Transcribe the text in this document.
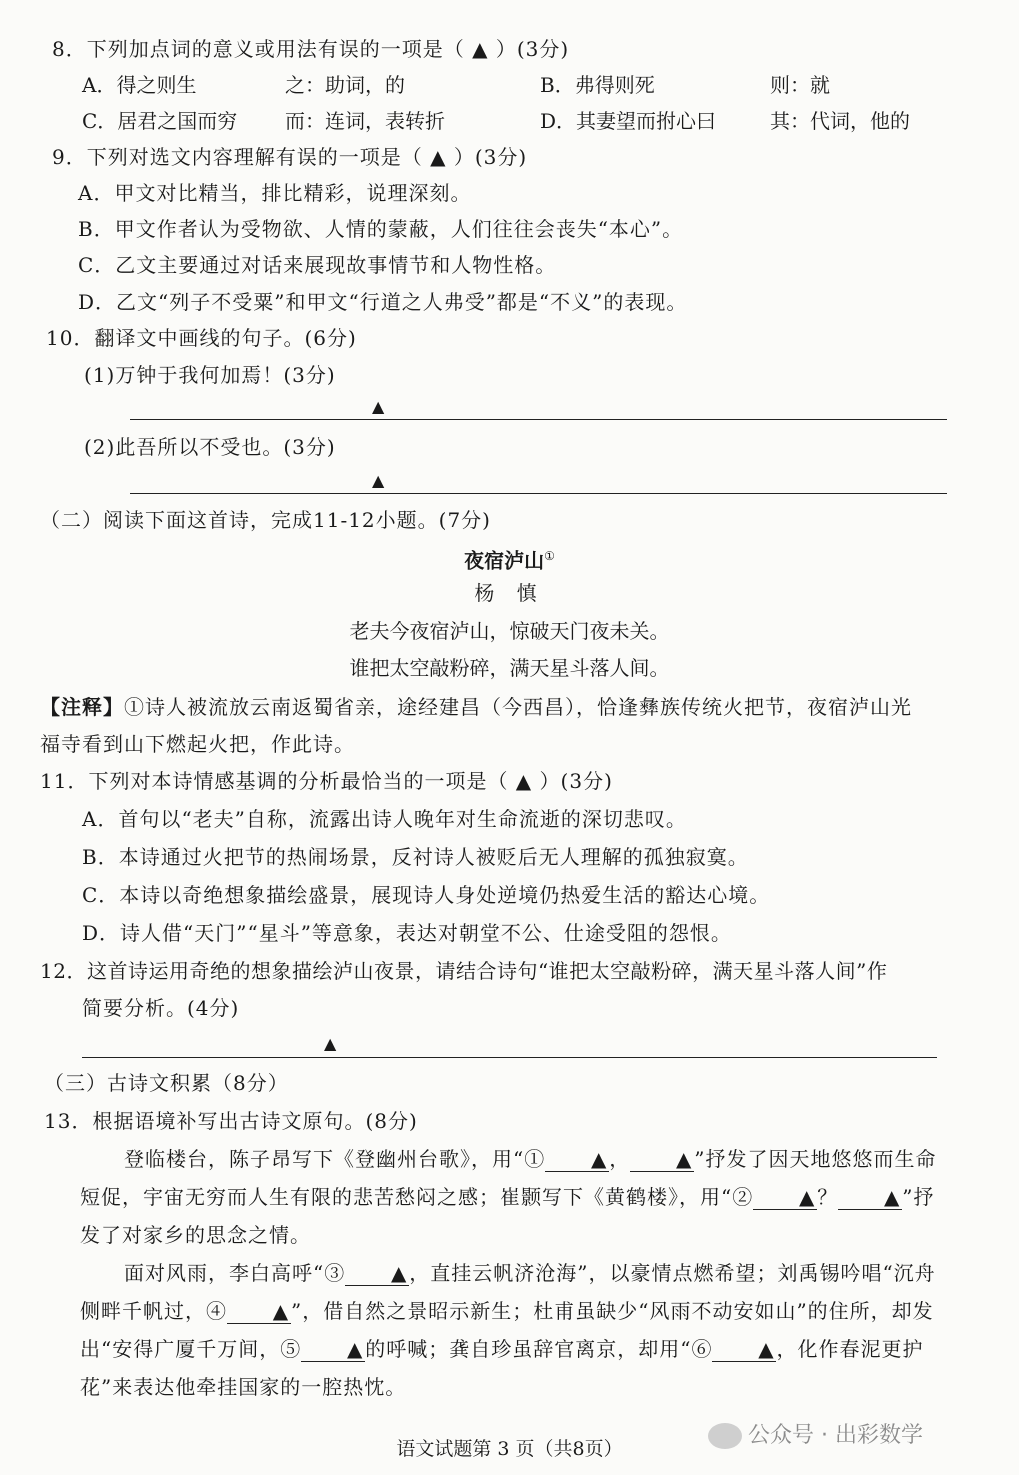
8．下列加点词的意义或用法有误的一项是（ ▲ ）(3分)
A．得之则生	之：助词，的	B．弗得则死	则：就
C．居君之国而穷 而：连词，表转折	D．其妻望而拊心曰	其：代词，他的
9．下列对选文内容理解有误的一项是（ ▲ ）(3分)
A．甲文对比精当，排比精彩，说理深刻。
B．甲文作者认为受物欲、人情的蒙蔽，人们往往会丧失“本心”。
C．乙文主要通过对话来展现故事情节和人物性格。
D．乙文“列子不受粟”和甲文“行道之人弗受”都是“不义”的表现。
10．翻译文中画线的句子。(6分)
(1)万钟于我何加焉！(3分)
▲
(2)此吾所以不受也。(3分)
▲
（二）阅读下面这首诗，完成11-12小题。(7分)
夜宿泸山①
杨 慎
老夫今夜宿泸山，惊破天门夜未关。
谁把太空敲粉碎，满天星斗落人间。
【注释】①诗人被流放云南返蜀省亲，途经建昌（今西昌），恰逢彝族传统火把节，夜宿泸山光
福寺看到山下燃起火把，作此诗。
11．下列对本诗情感基调的分析最恰当的一项是（ ▲ ）(3分)
A．首句以“老夫”自称，流露出诗人晚年对生命流逝的深切悲叹。
B．本诗通过火把节的热闹场景，反衬诗人被贬后无人理解的孤独寂寞。
C．本诗以奇绝想象描绘盛景，展现诗人身处逆境仍热爱生活的豁达心境。
D．诗人借“天门”“星斗”等意象，表达对朝堂不公、仕途受阻的怨恨。
12．这首诗运用奇绝的想象描绘泸山夜景，请结合诗句“谁把太空敲粉碎，满天星斗落人间”作
简要分析。(4分)
▲
（三）古诗文积累（8分）
13．根据语境补写出古诗文原句。(8分)
登临楼台，陈子昂写下《登幽州台歌》，用“① ▲， ▲”抒发了因天地悠悠而生命短促，宇宙无穷而人生有限的悲苦愁闷之感；崔颢写下《黄鹤楼》，用“② ▲？ ▲”抒发了对家乡的思念之情。
面对风雨，李白高呼“③ ▲，直挂云帆济沧海”，以豪情点燃希望；刘禹锡吟唱“沉舟侧畔千帆过，④ ▲”，借自然之景昭示新生；杜甫虽缺少“风雨不动安如山”的住所，却发出“安得广厦千万间，⑤ ▲的呼喊；龚自珍虽辞官离京，却用“⑥ ▲，化作春泥更护花”来表达他牵挂国家的一腔热忱。
语文试题第 3 页（共8页）
公众号 · 出彩数学
